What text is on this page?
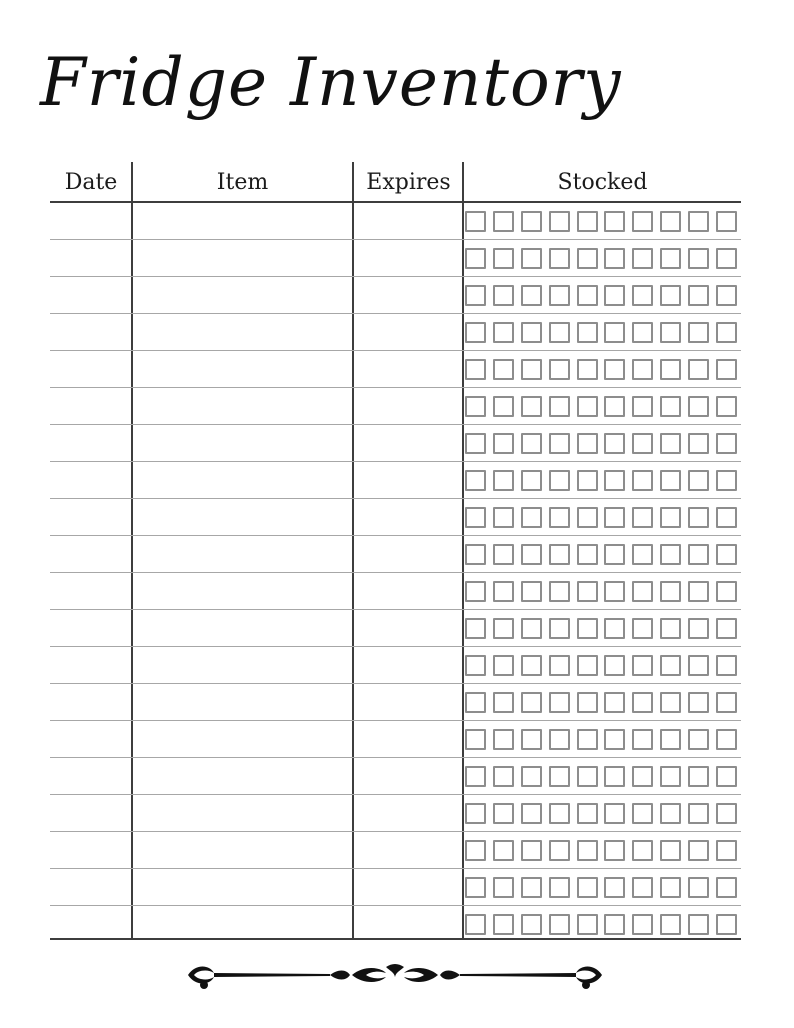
Fridge Inventory
Date	Item	Expires	Stocked
